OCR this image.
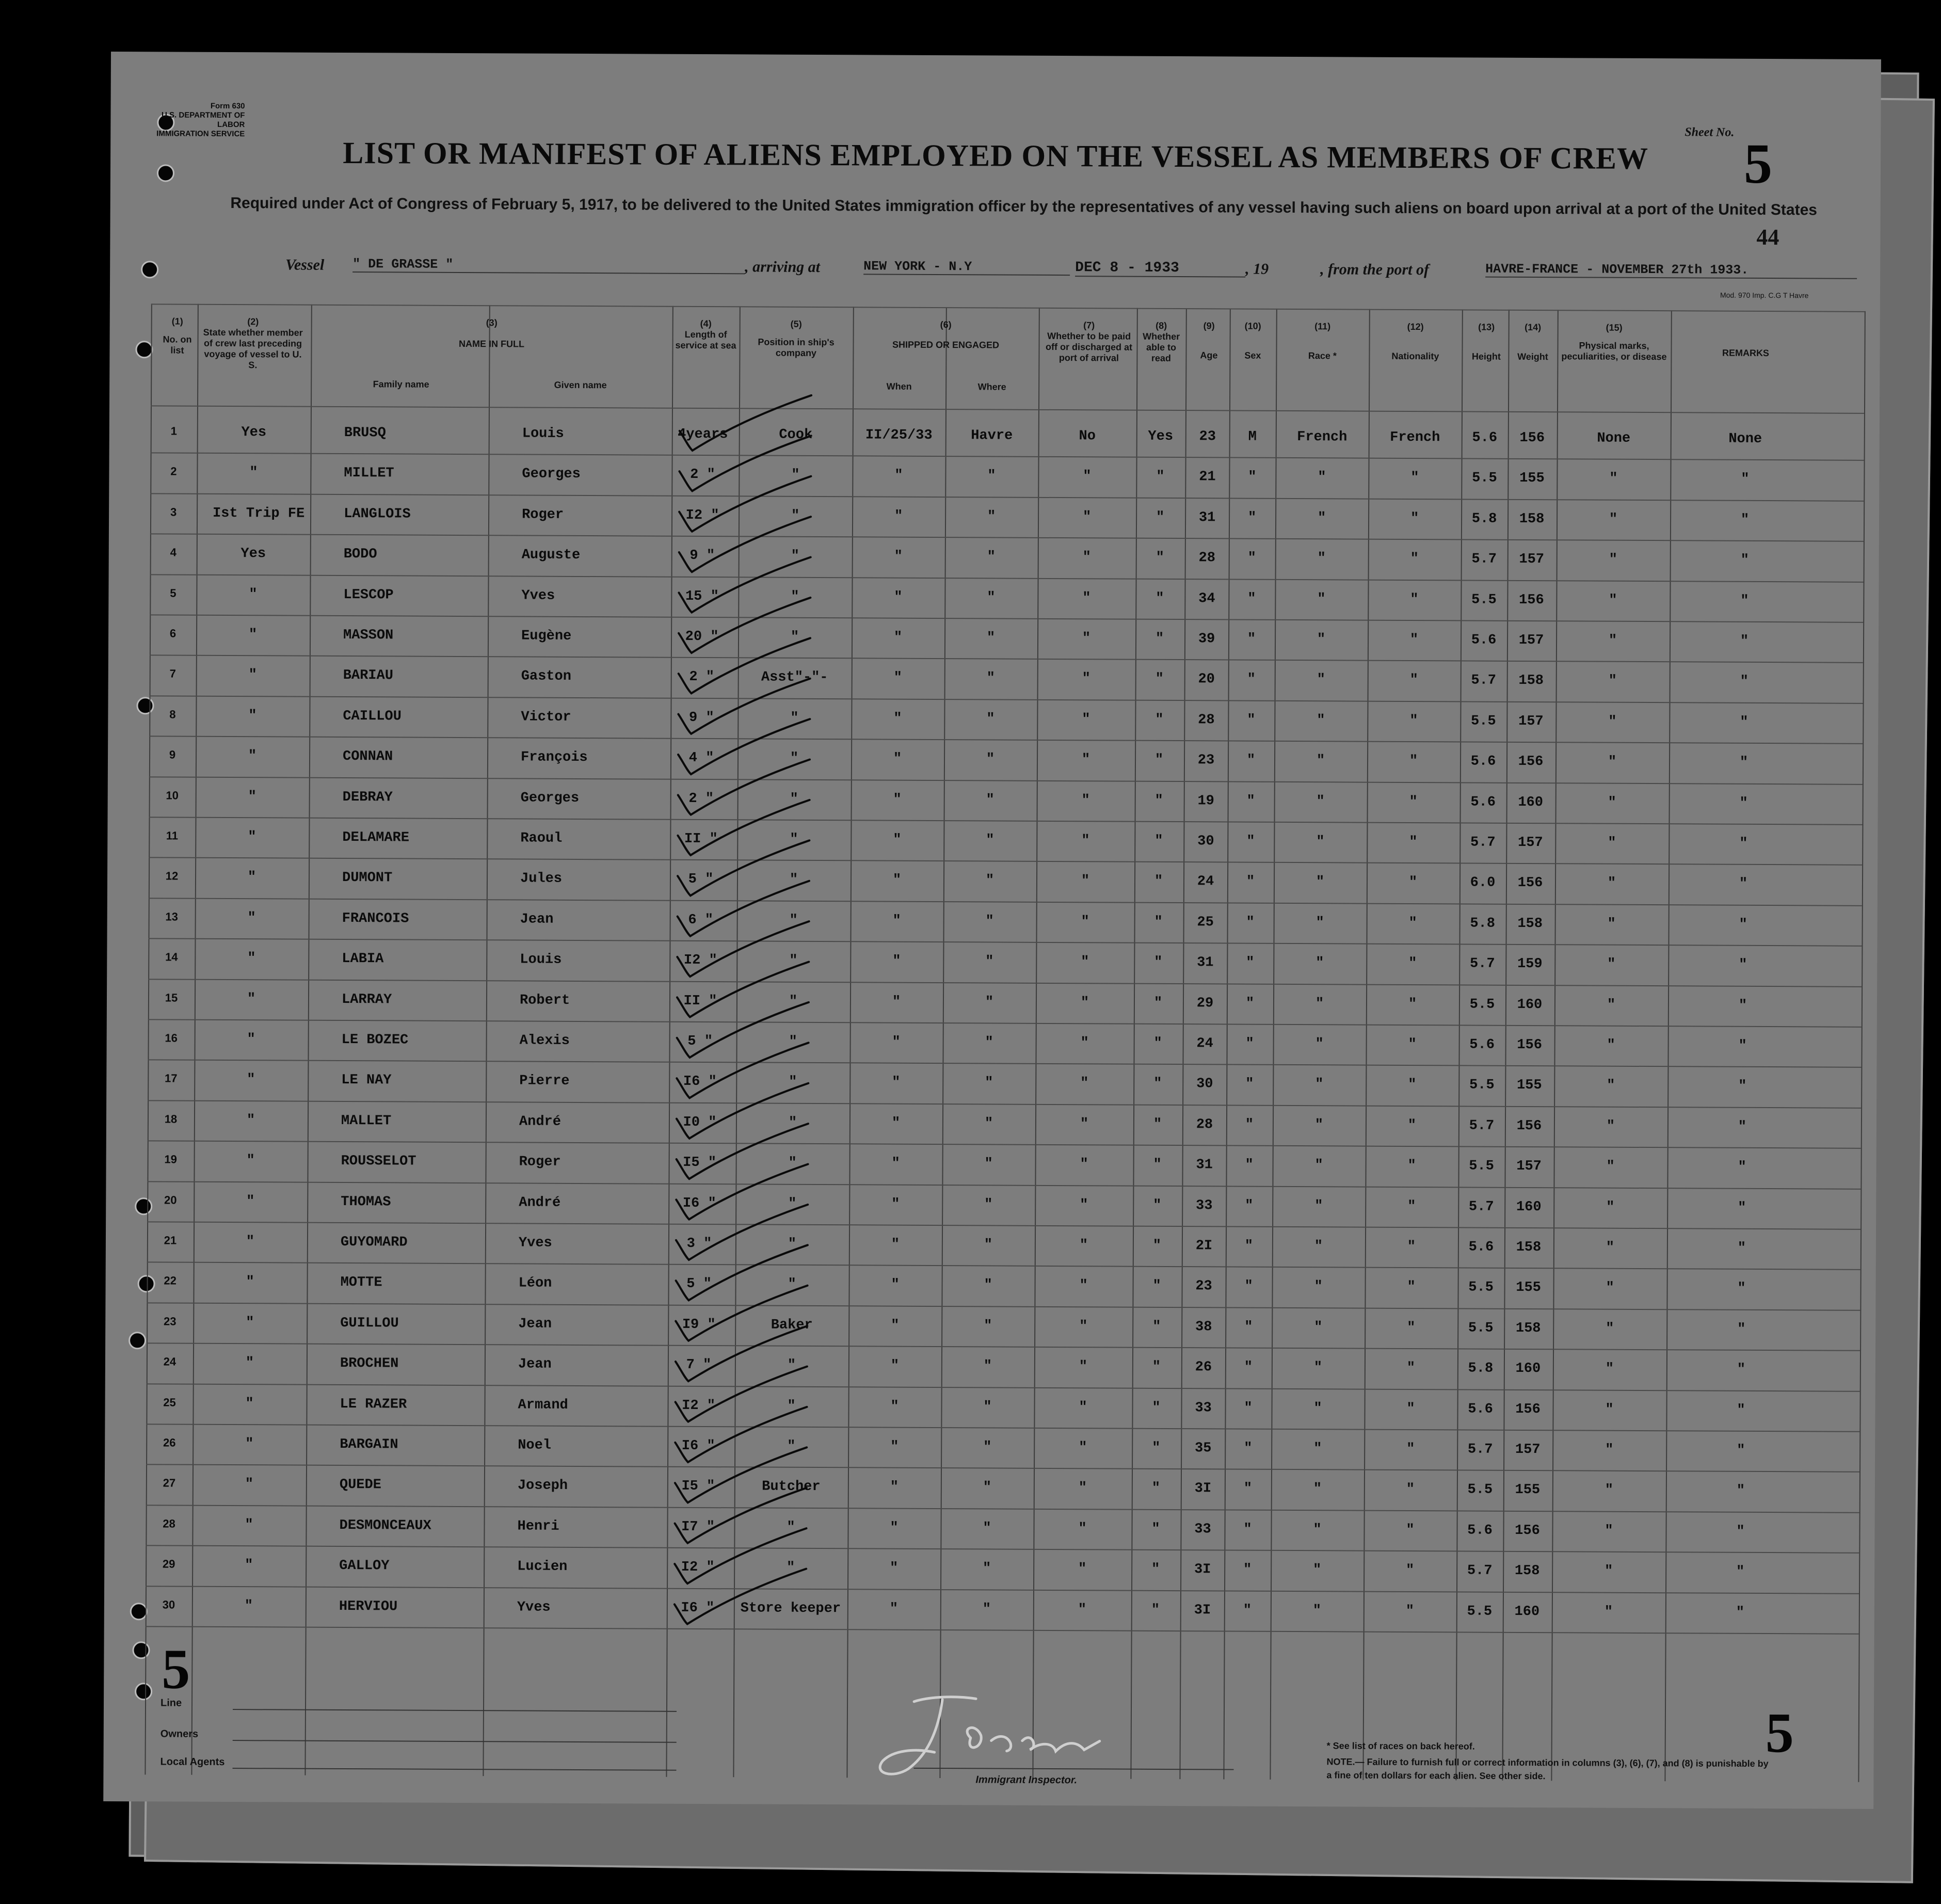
Form 630
U.S. DEPARTMENT OF LABOR
IMMIGRATION SERVICE	Sheet No. 5
LIST OR MANIFEST OF ALIENS EMPLOYED ON THE VESSEL AS MEMBERS OF CREW
Required under Act of Congress of February 5, 1917, to be delivered to the United States immigration officer by the representatives of any vessel having such aliens on board upon arrival at a port of the United States
44
Vessel " DE GRASSE "	, arriving at	NEW YORK - N.Y	DEC 8 - 1933	, 19	, from the port of	HAVRE-FRANCE - NOVEMBER 27th 1933.
Mod. 970 Imp. C.G T Havre
(1)
No. on list
(2)
State whether member of crew last preceding voyage of vessel to U. S.
(3)
NAME IN FULL
Family name	Given name
(4)
Length of service at sea
(5)
Position in ship's company
(6)
SHIPPED OR ENGAGED
When	Where
(7)
Whether to be paid off or discharged at port of arrival
(8)
Whether able to read
(9)
Age
(10)
Sex
(11)
Race *
(12)
Nationality
(13)
Height
(14)
Weight
(15)
Physical marks, peculiarities, or disease	REMARKS
1	Yes	BRUSQ	Louis	4years	Cook	II/25/33	Havre	No	Yes	23	M	French	French	5.6	156	None	None
2	"	MILLET	Georges	2 "	"	"	"	"	"	21	"	"	"	5.5	155	"	"
3	Ist Trip FE	LANGLOIS	Roger	I2 "	"	"	"	"	"	31	"	"	"	5.8	158	"	"
4	Yes	BODO	Auguste	9 "	"	"	"	"	"	28	"	"	"	5.7	157	"	"
5	"	LESCOP	Yves	15 "	"	"	"	"	"	34	"	"	"	5.5	156	"	"
6	"	MASSON	Eugène	20 "	"	"	"	"	"	39	"	"	"	5.6	157	"	"
7	"	BARIAU	Gaston	2 "	Asst"-"-	"	"	"	"	20	"	"	"	5.7	158	"	"
8	"	CAILLOU	Victor	9 "	"	"	"	"	"	28	"	"	"	5.5	157	"	"
9	"	CONNAN	François	4 "	"	"	"	"	"	23	"	"	"	5.6	156	"	"
10	"	DEBRAY	Georges	2 "	"	"	"	"	"	19	"	"	"	5.6	160	"	"
11	"	DELAMARE	Raoul	II "	"	"	"	"	"	30	"	"	"	5.7	157	"	"
12	"	DUMONT	Jules	5 "	"	"	"	"	"	24	"	"	"	6.0	156	"	"
13	"	FRANCOIS	Jean	6 "	"	"	"	"	"	25	"	"	"	5.8	158	"	"
14	"	LABIA	Louis	I2 "	"	"	"	"	"	31	"	"	"	5.7	159	"	"
15	"	LARRAY	Robert	II "	"	"	"	"	"	29	"	"	"	5.5	160	"	"
16	"	LE BOZEC	Alexis	5 "	"	"	"	"	"	24	"	"	"	5.6	156	"	"
17	"	LE NAY	Pierre	I6 "	"	"	"	"	"	30	"	"	"	5.5	155	"	"
18	"	MALLET	André	I0 "	"	"	"	"	"	28	"	"	"	5.7	156	"	"
19	"	ROUSSELOT	Roger	I5 "	"	"	"	"	"	31	"	"	"	5.5	157	"	"
20	"	THOMAS	André	I6 "	"	"	"	"	"	33	"	"	"	5.7	160	"	"
21	"	GUYOMARD	Yves	3 "	"	"	"	"	"	2I	"	"	"	5.6	158	"	"
22	"	MOTTE	Léon	5 "	"	"	"	"	"	23	"	"	"	5.5	155	"	"
23	"	GUILLOU	Jean	I9 "	Baker	"	"	"	"	38	"	"	"	5.5	158	"	"
24	"	BROCHEN	Jean	7 "	"	"	"	"	"	26	"	"	"	5.8	160	"	"
25	"	LE RAZER	Armand	I2 "	"	"	"	"	"	33	"	"	"	5.6	156	"	"
26	"	BARGAIN	Noel	I6 "	"	"	"	"	"	35	"	"	"	5.7	157	"	"
27	"	QUEDE	Joseph	I5 "	Butcher	"	"	"	"	3I	"	"	"	5.5	155	"	"
28	"	DESMONCEAUX	Henri	I7 "	"	"	"	"	"	33	"	"	"	5.6	156	"	"
29	"	GALLOY	Lucien	I2 "	"	"	"	"	"	3I	"	"	"	5.7	158	"	"
30	"	HERVIOU	Yves	I6 "	Store keeper	"	"	"	"	3I	"	"	"	5.5	160	"	"
5
5
Line
Owners
Local Agents
Immigrant Inspector.
* See list of races on back hereof.
NOTE.— Failure to furnish full or correct information in columns (3), (6), (7), and (8) is punishable by a fine of ten dollars for each alien. See other side.
